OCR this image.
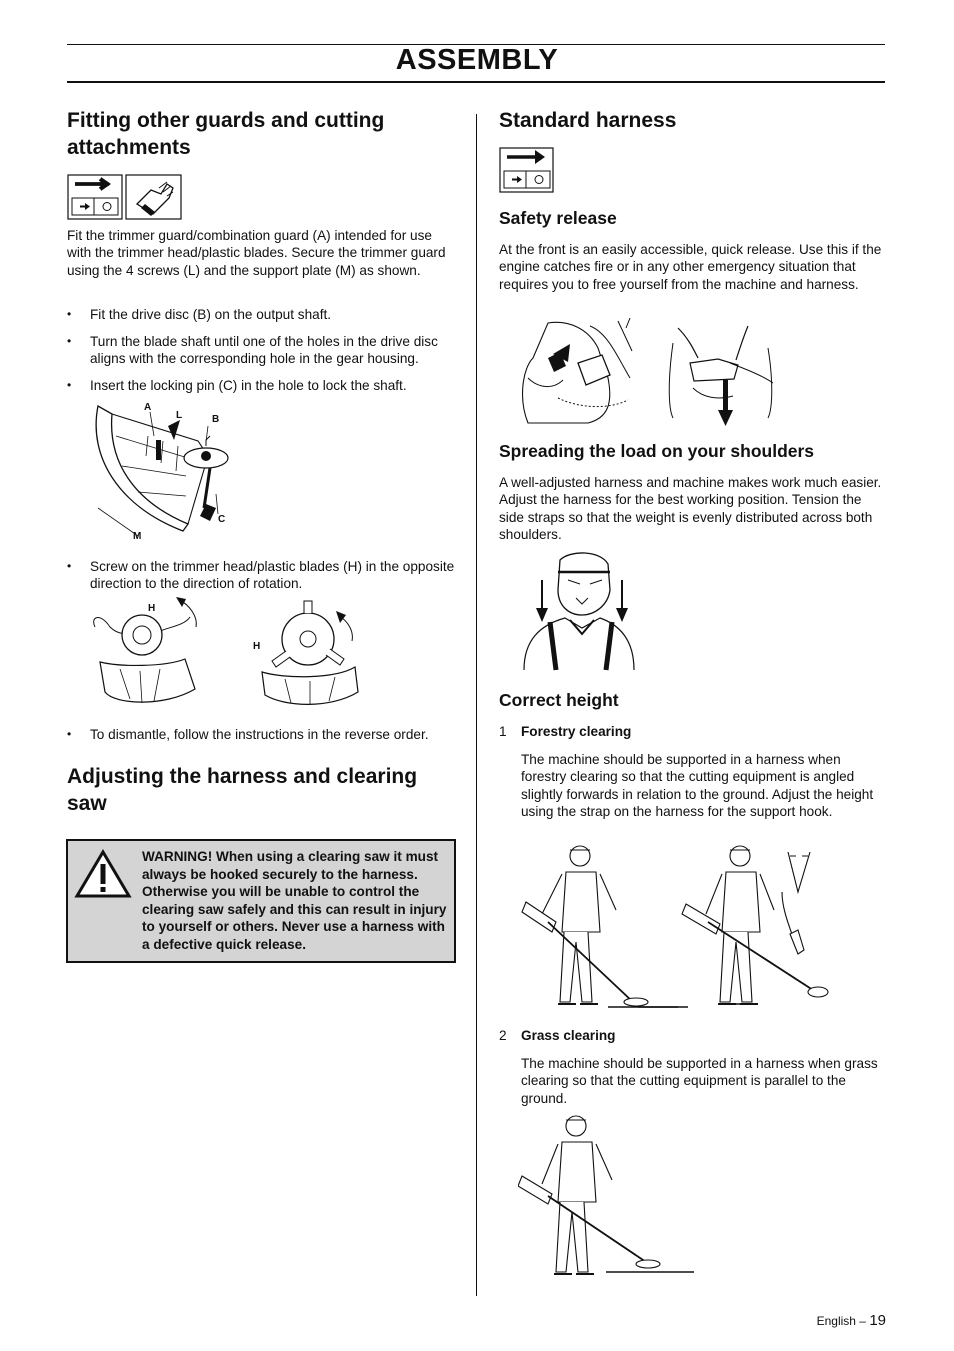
ASSEMBLY
Fitting other guards and cutting attachments

Fit the trimmer guard/combination guard (A) intended for use with the trimmer head/plastic blades. Secure the trimmer guard using the 4 screws (L) and the support plate (M) as shown.

• Fit the drive disc (B) on the output shaft.

• Turn the blade shaft until one of the holes in the drive disc aligns with the corresponding hole in the gear housing.

• Insert the locking pin (C) in the hole to lock the shaft.

A
L	B
C
M

• Screw on the trimmer head/plastic blades (H) in the opposite direction to the direction of rotation.

H
H

• To dismantle, follow the instructions in the reverse order.

Adjusting the harness and clearing saw
WARNING! When using a clearing saw it must always be hooked securely to the harness. Otherwise you will be unable to control the clearing saw safely and this can result in injury to yourself or others. Never use a harness with a defective quick release.
Standard harness
Safety release

At the front is an easily accessible, quick release. Use this if the engine catches fire or in any other emergency situation that requires you to free yourself from the machine and harness.

Spreading the load on your shoulders

A well-adjusted harness and machine makes work much easier. Adjust the harness for the best working position. Tension the side straps so that the weight is evenly distributed across both shoulders.

Correct height
1 Forestry clearing

The machine should be supported in a harness when forestry clearing so that the cutting equipment is angled slightly forwards in relation to the ground. Adjust the height using the strap on the harness for the support hook.

2 Grass clearing

The machine should be supported in a harness when grass clearing so that the cutting equipment is parallel to the ground.

English – 19
